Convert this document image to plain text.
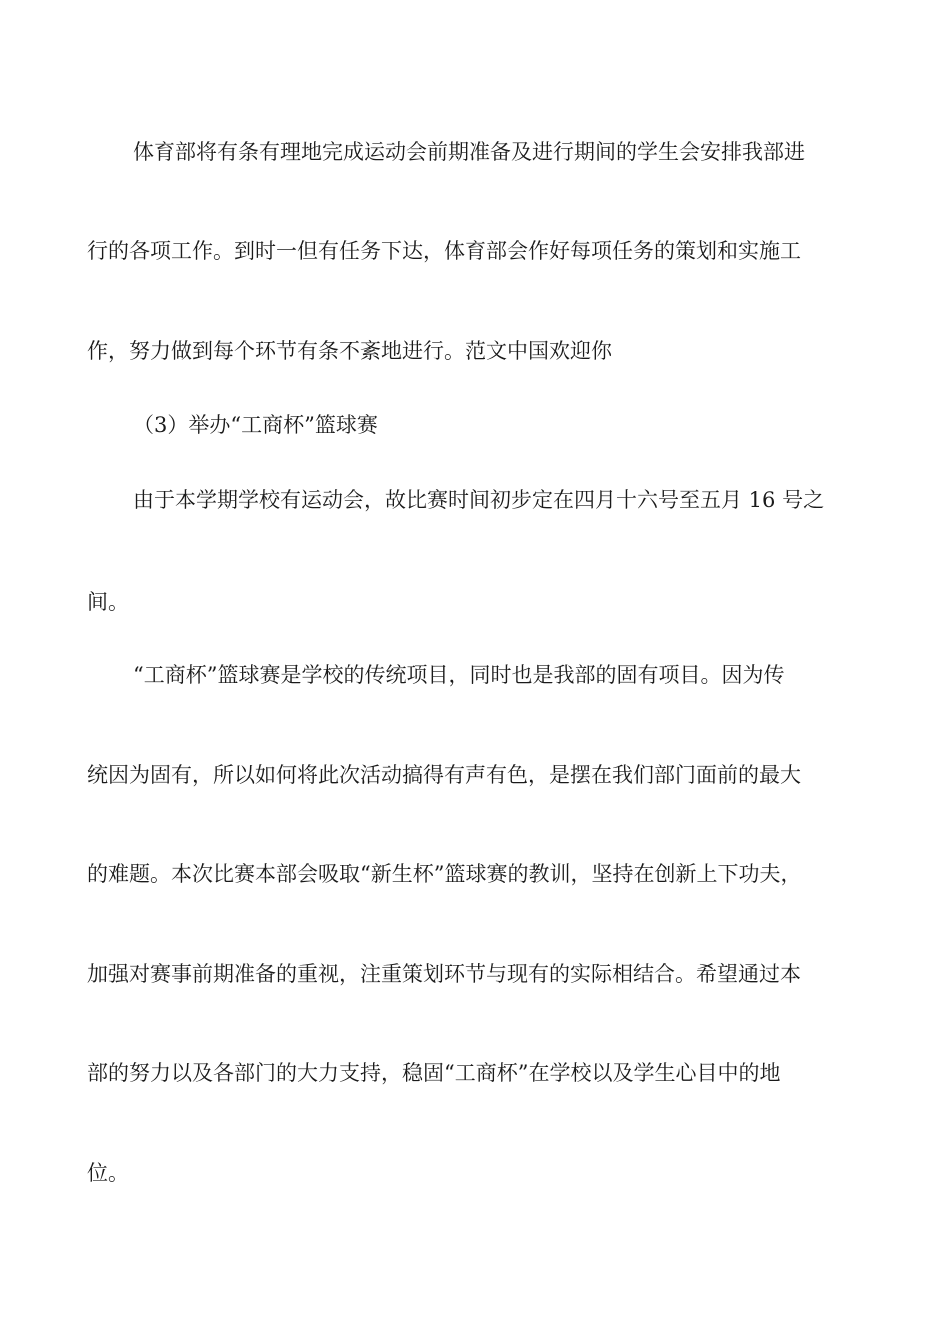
体育部将有条有理地完成运动会前期准备及进行期间的学生会安排我部进
行的各项工作。到时一但有任务下达，体育部会作好每项任务的策划和实施工
作，努力做到每个环节有条不紊地进行。范文中国欢迎你
（3）举办“工商杯”篮球赛
由于本学期学校有运动会，故比赛时间初步定在四月十六号至五月 16 号之
间。
“工商杯”篮球赛是学校的传统项目，同时也是我部的固有项目。因为传
统因为固有，所以如何将此次活动搞得有声有色，是摆在我们部门面前的最大
的难题。本次比赛本部会吸取“新生杯”篮球赛的教训，坚持在创新上下功夫，
加强对赛事前期准备的重视，注重策划环节与现有的实际相结合。希望通过本
部的努力以及各部门的大力支持，稳固“工商杯”在学校以及学生心目中的地
位。
